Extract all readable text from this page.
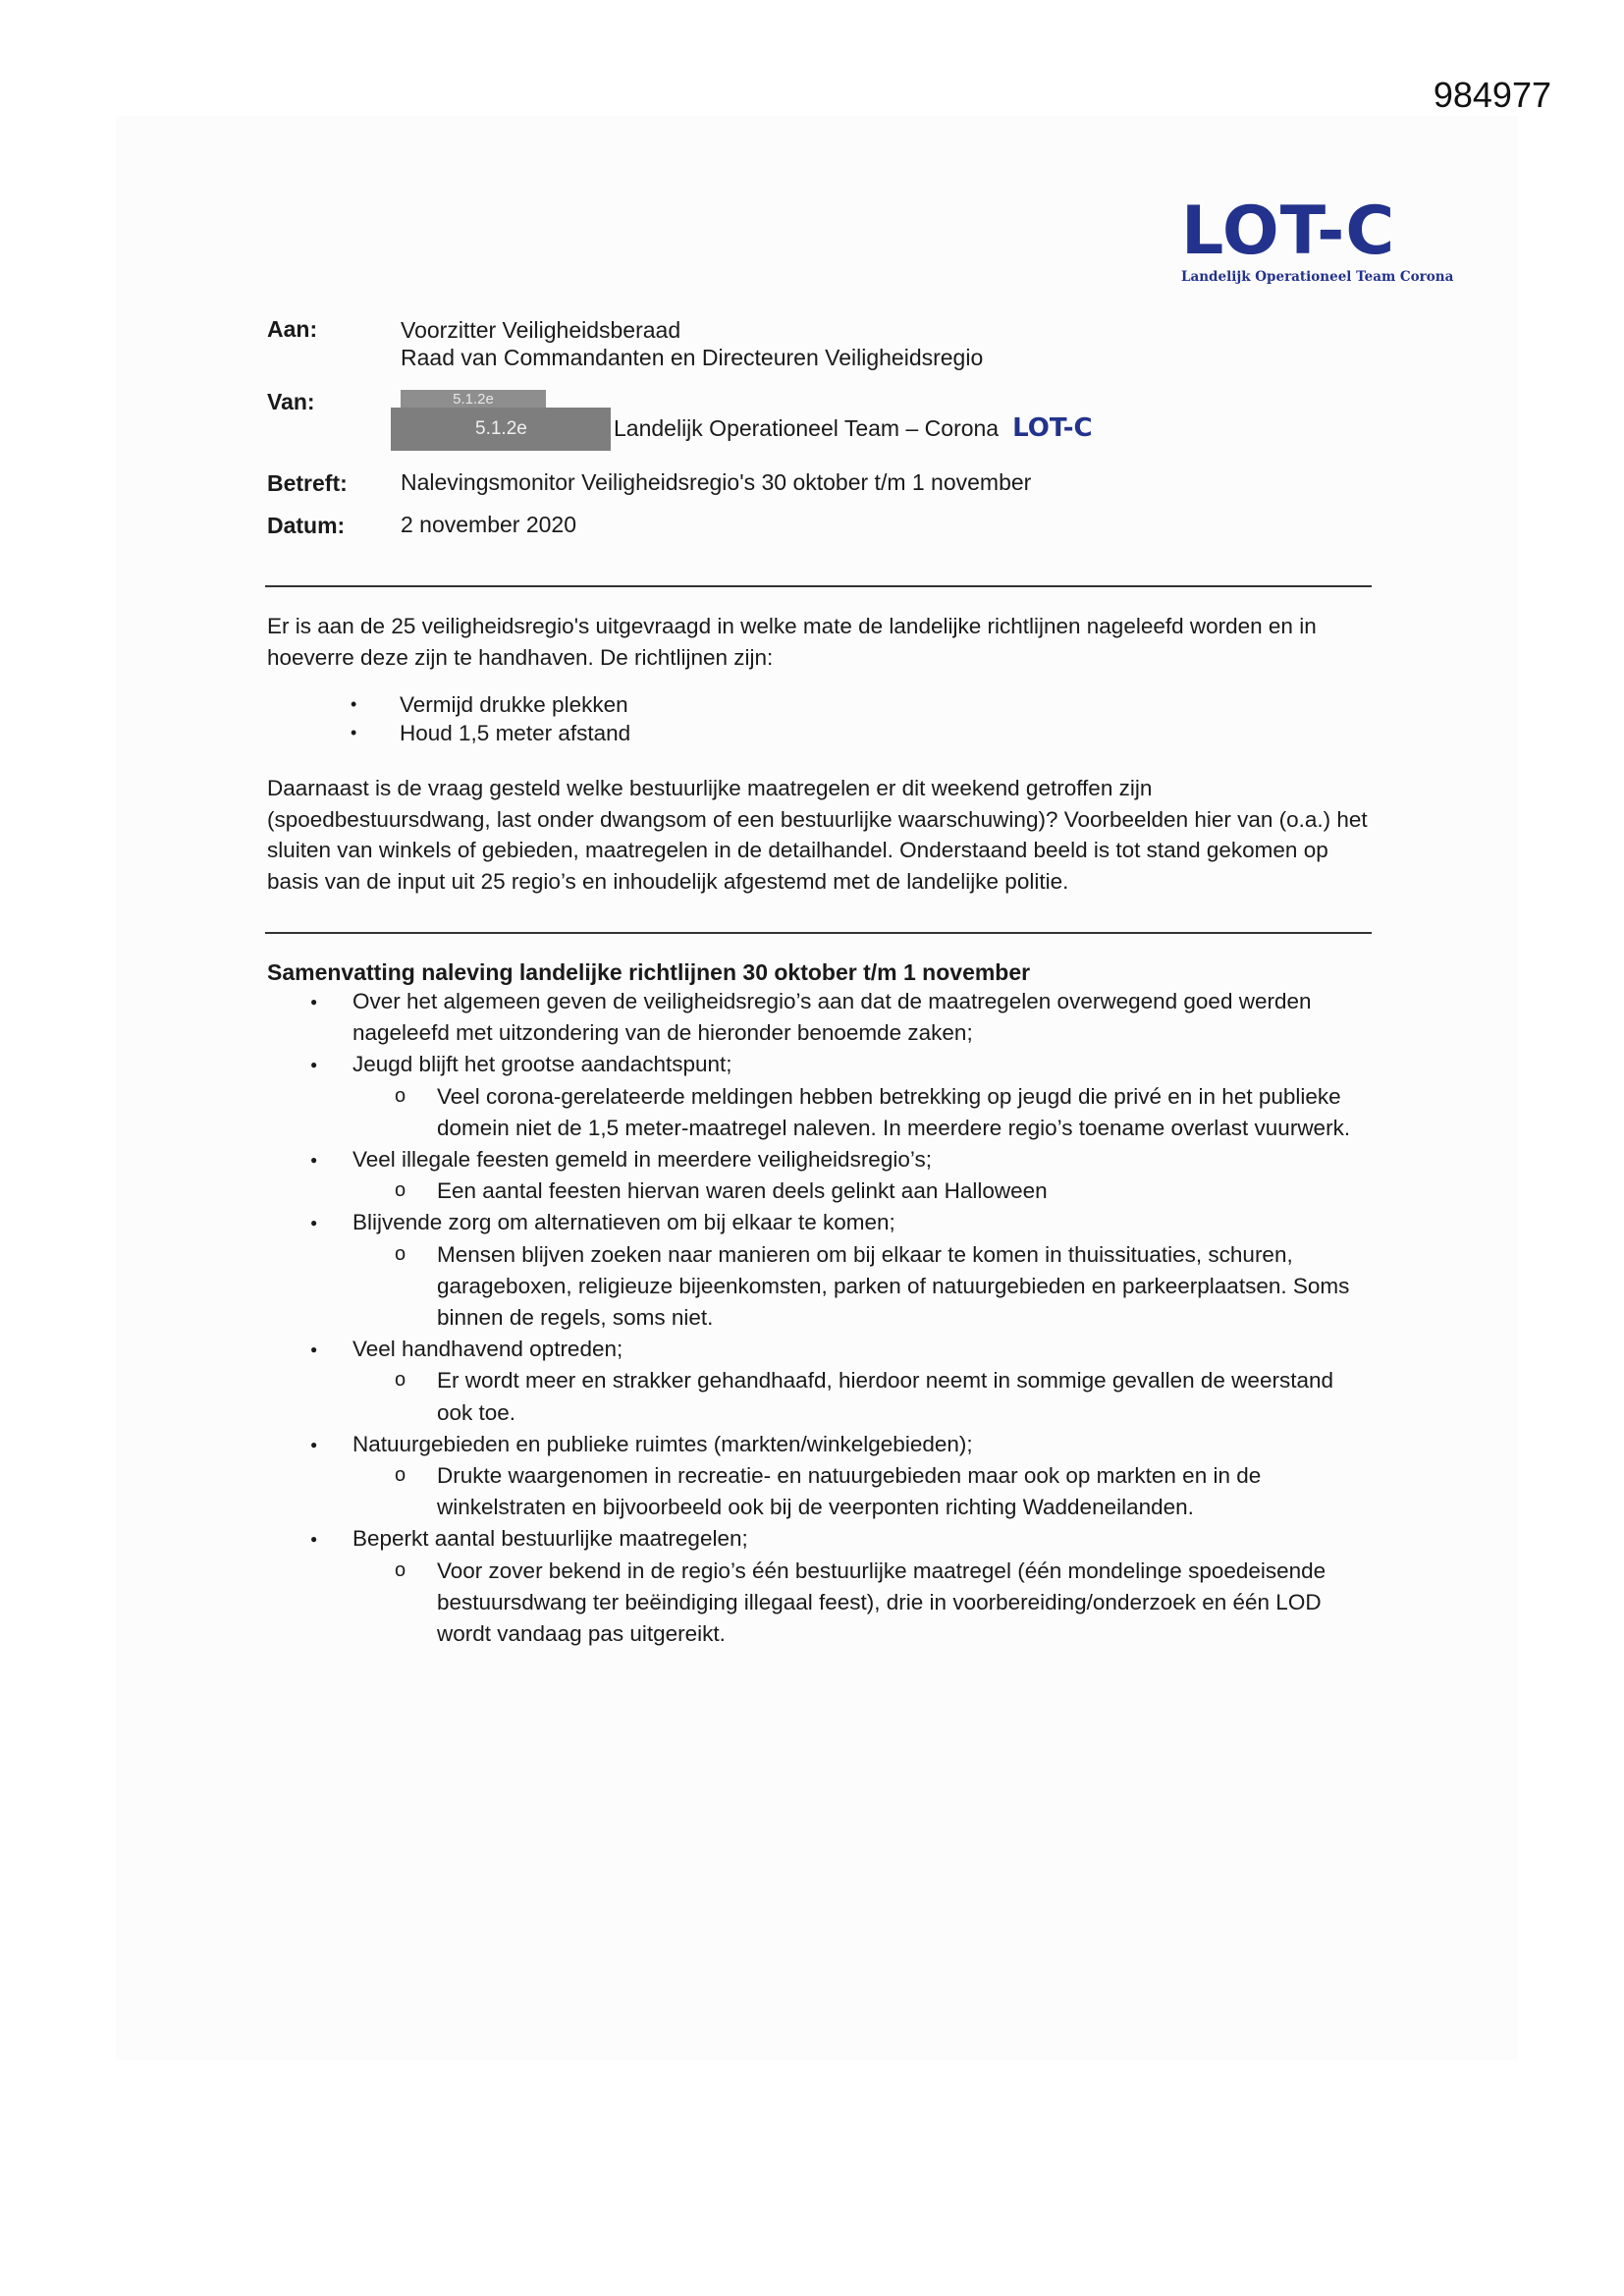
984977
LOT-C
Landelijk Operationeel Team Corona
Aan:	Voorzitter Veiligheidsberaad
Raad van Commandanten en Directeuren Veiligheidsregio
Van:	5.1.2e
5.1.2e	Landelijk Operationeel Team – Corona LOT-C
Betreft: Nalevingsmonitor Veiligheidsregio's 30 oktober t/m 1 november
Datum: 2 november 2020

Er is aan de 25 veiligheidsregio's uitgevraagd in welke mate de landelijke richtlijnen nageleefd worden en in hoeverre deze zijn te handhaven. De richtlijnen zijn:

• Vermijd drukke plekken
• Houd 1,5 meter afstand

Daarnaast is de vraag gesteld welke bestuurlijke maatregelen er dit weekend getroffen zijn (spoedbestuursdwang, last onder dwangsom of een bestuurlijke waarschuwing)? Voorbeelden hier van (o.a.) het sluiten van winkels of gebieden, maatregelen in de detailhandel. Onderstaand beeld is tot stand gekomen op basis van de input uit 25 regio’s en inhoudelijk afgestemd met de landelijke politie.

Samenvatting naleving landelijke richtlijnen 30 oktober t/m 1 november

● Over het algemeen geven de veiligheidsregio’s aan dat de maatregelen overwegend goed werden nageleefd met uitzondering van de hieronder benoemde zaken;
● Jeugd blijft het grootse aandachtspunt;
o Veel corona-gerelateerde meldingen hebben betrekking op jeugd die privé en in het publieke domein niet de 1,5 meter-maatregel naleven. In meerdere regio’s toename overlast vuurwerk.
● Veel illegale feesten gemeld in meerdere veiligheidsregio’s;
o Een aantal feesten hiervan waren deels gelinkt aan Halloween
● Blijvende zorg om alternatieven om bij elkaar te komen;
o Mensen blijven zoeken naar manieren om bij elkaar te komen in thuissituaties, schuren, garageboxen, religieuze bijeenkomsten, parken of natuurgebieden en parkeerplaatsen. Soms binnen de regels, soms niet.
● Veel handhavend optreden;
o Er wordt meer en strakker gehandhaafd, hierdoor neemt in sommige gevallen de weerstand ook toe.
● Natuurgebieden en publieke ruimtes (markten/winkelgebieden);
o Drukte waargenomen in recreatie- en natuurgebieden maar ook op markten en in de winkelstraten en bijvoorbeeld ook bij de veerponten richting Waddeneilanden.
● Beperkt aantal bestuurlijke maatregelen;
o Voor zover bekend in de regio’s één bestuurlijke maatregel (één mondelinge spoedeisende bestuursdwang ter beëindiging illegaal feest), drie in voorbereiding/onderzoek en één LOD wordt vandaag pas uitgereikt.
